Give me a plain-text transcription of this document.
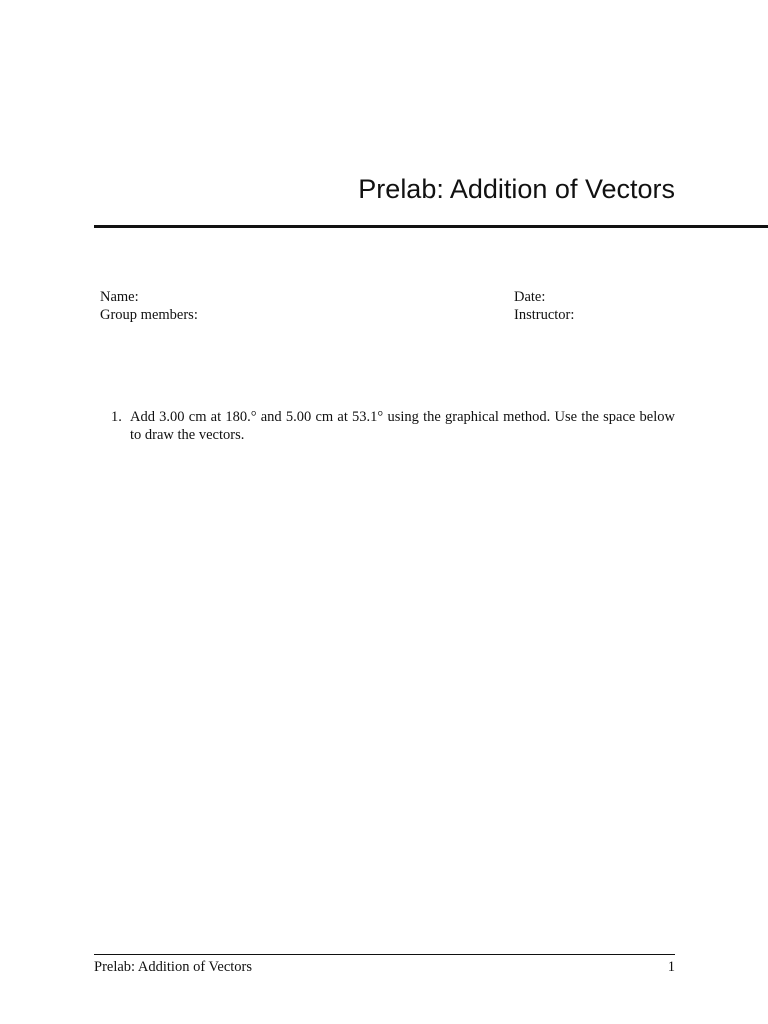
Prelab: Addition of Vectors
Name:
Group members:
Date:
Instructor:
1. Add 3.00 cm at 180.° and 5.00 cm at 53.1° using the graphical method. Use the space below to draw the vectors.
Prelab: Addition of Vectors	1
